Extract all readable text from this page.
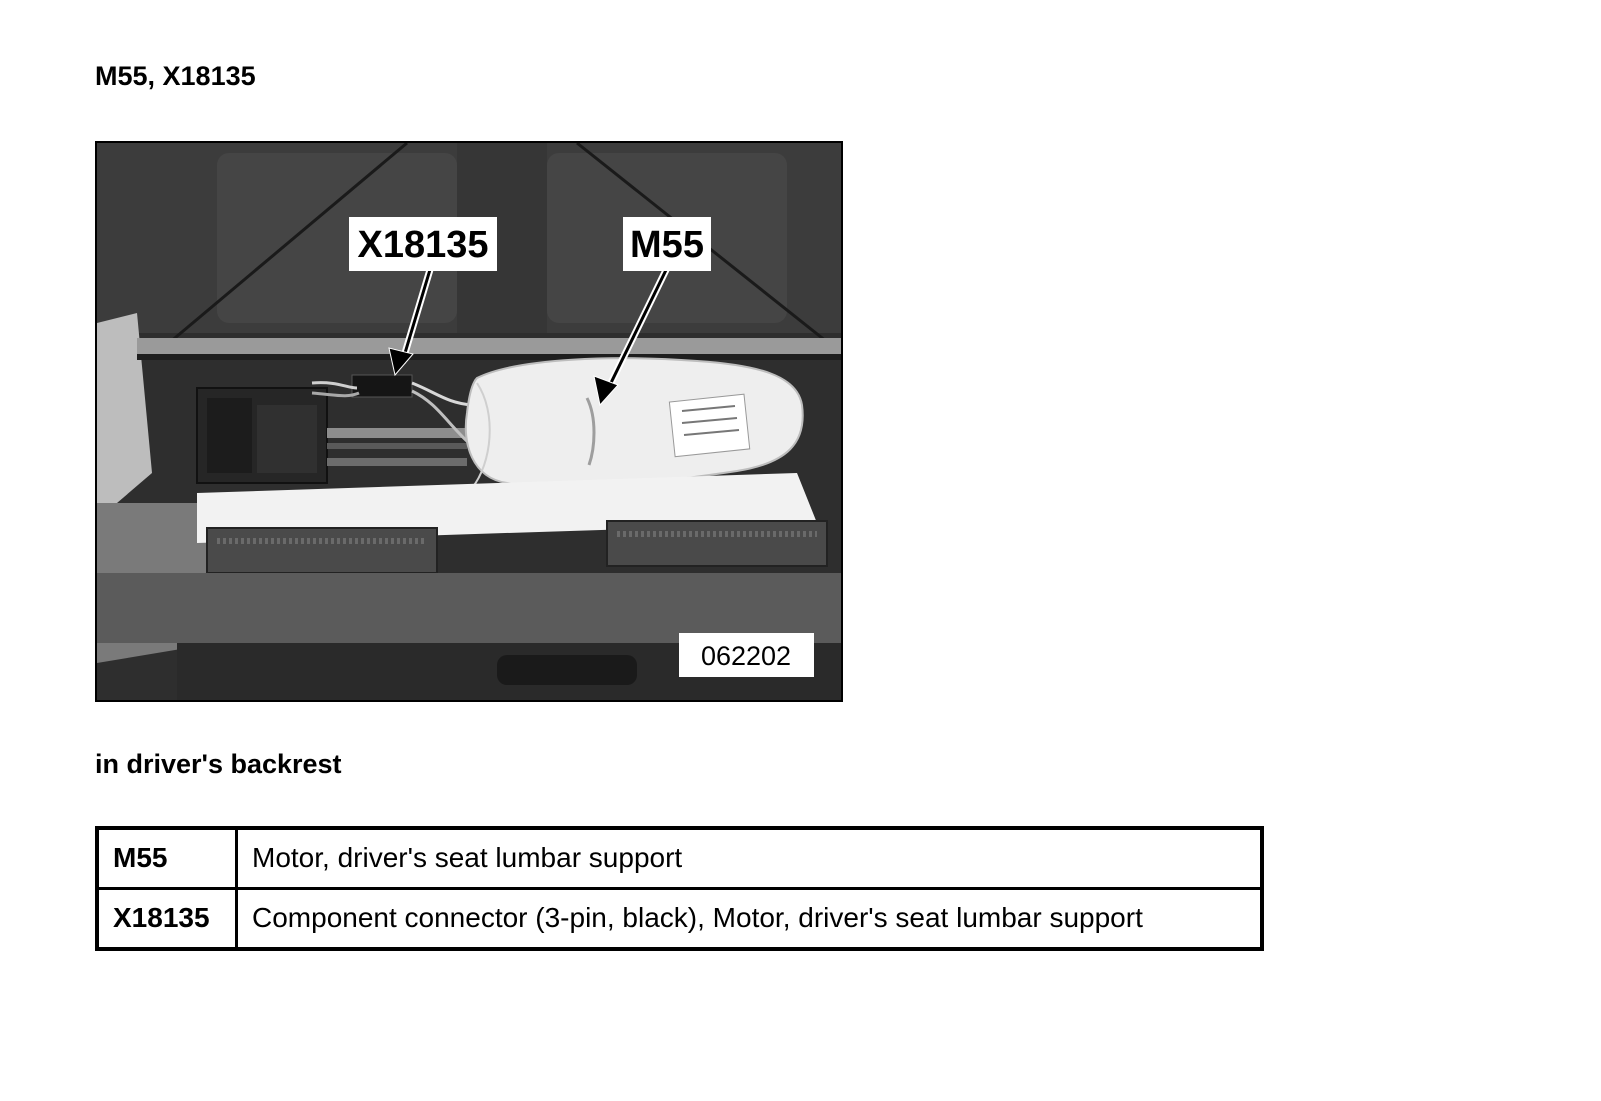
M55, X18135
X18135	M55
062202
in driver's backrest
M55	Motor, driver's seat lumbar support
X18135	Component connector (3-pin, black), Motor, driver's seat lumbar support
